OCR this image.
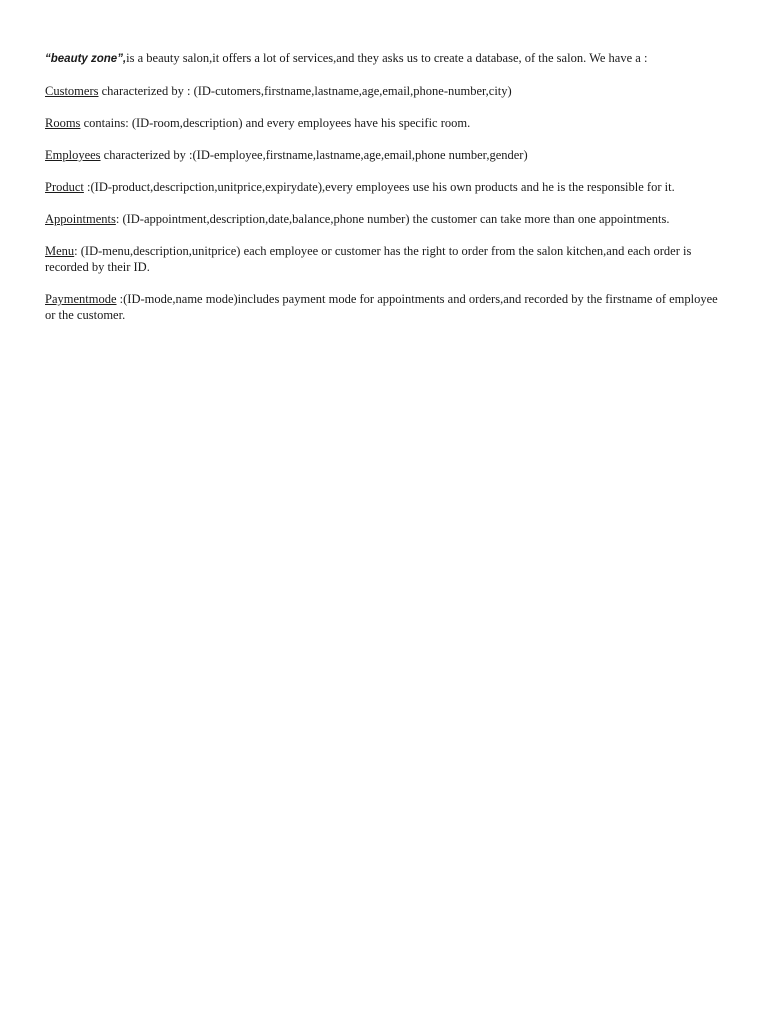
“beauty zone”,is a beauty salon,it offers a lot of services,and they asks us to create a database, of the salon. We have a :

Customers characterized by : (ID-cutomers,firstname,lastname,age,email,phone-number,city)

Rooms contains: (ID-room,description) and every employees have his specific room.

Employees characterized by :(ID-employee,firstname,lastname,age,email,phone number,gender)

Product :(ID-product,descripction,unitprice,expirydate),every employees use his own products and he is the responsible for it.

Appointments: (ID-appointment,description,date,balance,phone number) the customer can take more than one appointments.

Menu: (ID-menu,description,unitprice) each employee or customer has the right to order from the salon kitchen,and each order is recorded by their ID.

Paymentmode :(ID-mode,name mode)includes payment mode for appointments and orders,and recorded by the firstname of employee or the customer.
